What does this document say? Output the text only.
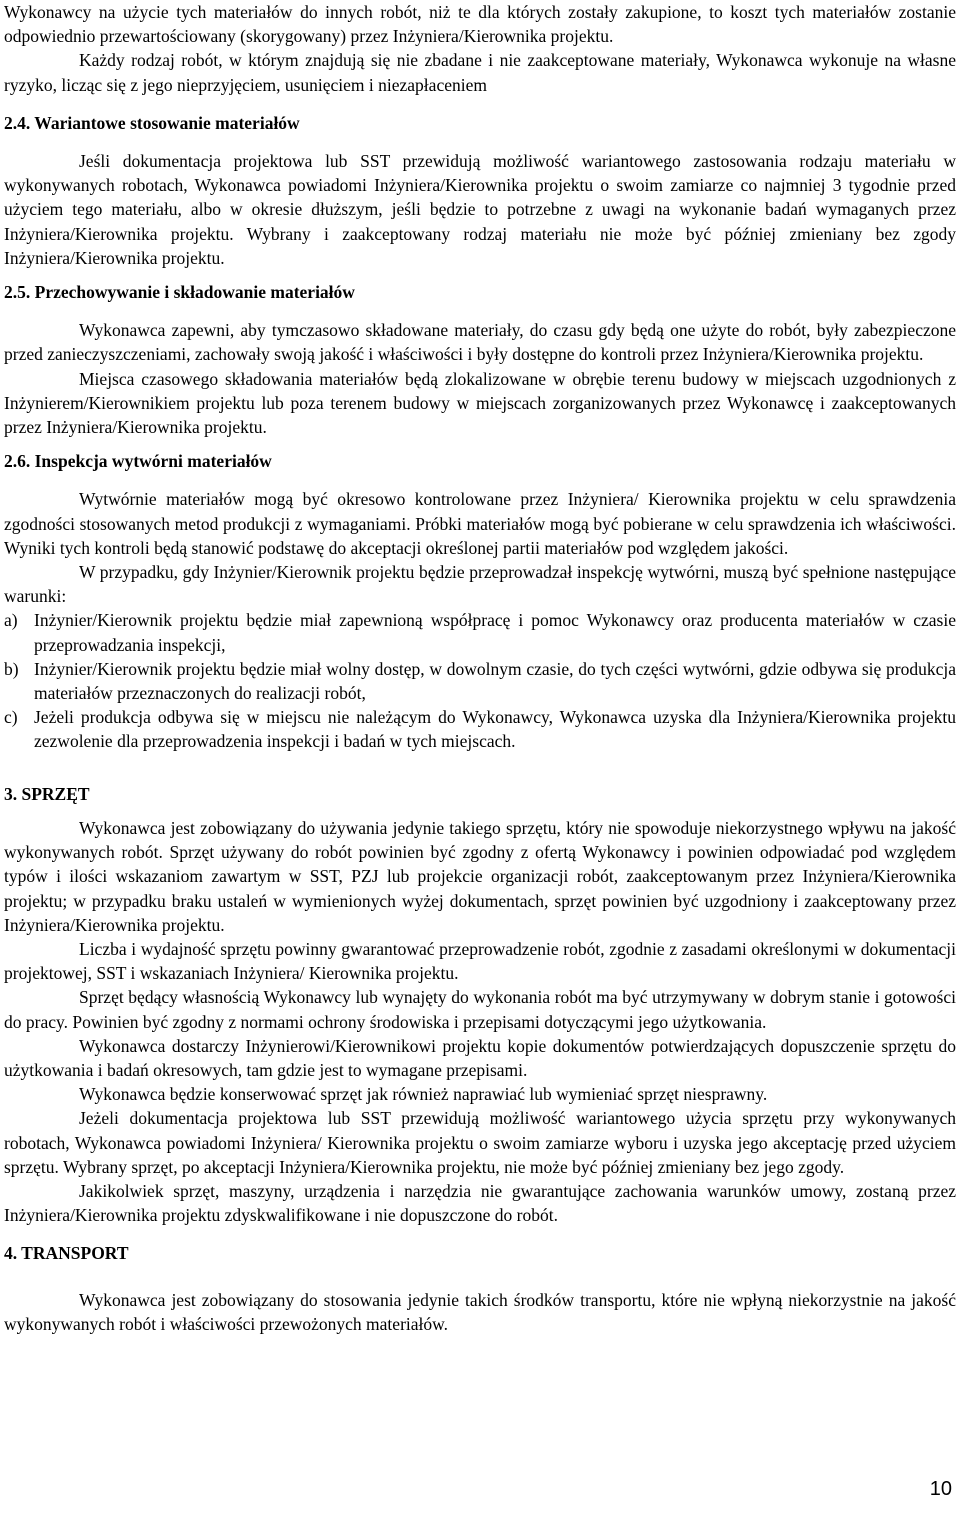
Wykonawcy na użycie tych materiałów do innych robót, niż te dla których zostały zakupione, to koszt tych materiałów zostanie odpowiednio przewartościowany (skorygowany) przez Inżyniera/Kierownika projektu.

Każdy rodzaj robót, w którym znajdują się nie zbadane i nie zaakceptowane materiały, Wykonawca wykonuje na własne ryzyko, licząc się z jego nieprzyjęciem, usunięciem i niezapłaceniem

2.4. Wariantowe stosowanie materiałów

Jeśli dokumentacja projektowa lub SST przewidują możliwość wariantowego zastosowania rodzaju materiału w wykonywanych robotach, Wykonawca powiadomi Inżyniera/Kierownika projektu o swoim zamiarze co najmniej 3 tygodnie przed użyciem tego materiału, albo w okresie dłuższym, jeśli będzie to potrzebne z uwagi na wykonanie badań wymaganych przez Inżyniera/Kierownika projektu. Wybrany i zaakceptowany rodzaj materiału nie może być później zmieniany bez zgody Inżyniera/Kierownika projektu.

2.5. Przechowywanie i składowanie materiałów

Wykonawca zapewni, aby tymczasowo składowane materiały, do czasu gdy będą one użyte do robót, były zabezpieczone przed zanieczyszczeniami, zachowały swoją jakość i właściwości i były dostępne do kontroli przez Inżyniera/Kierownika projektu.

Miejsca czasowego składowania materiałów będą zlokalizowane w obrębie terenu budowy w miejscach uzgodnionych z Inżynierem/Kierownikiem projektu lub poza terenem budowy w miejscach zorganizowanych przez Wykonawcę i zaakceptowanych przez Inżyniera/Kierownika projektu.

2.6. Inspekcja wytwórni materiałów

Wytwórnie materiałów mogą być okresowo kontrolowane przez Inżyniera/ Kierownika projektu w celu sprawdzenia zgodności stosowanych metod produkcji z wymaganiami. Próbki materiałów mogą być pobierane w celu sprawdzenia ich właściwości. Wyniki tych kontroli będą stanowić podstawę do akceptacji określonej partii materiałów pod względem jakości.

W przypadku, gdy Inżynier/Kierownik projektu będzie przeprowadzał inspekcję wytwórni, muszą być spełnione następujące warunki:

a) Inżynier/Kierownik projektu będzie miał zapewnioną współpracę i pomoc Wykonawcy oraz producenta materiałów w czasie przeprowadzania inspekcji,
b) Inżynier/Kierownik projektu będzie miał wolny dostęp, w dowolnym czasie, do tych części wytwórni, gdzie odbywa się produkcja materiałów przeznaczonych do realizacji robót,
c) Jeżeli produkcja odbywa się w miejscu nie należącym do Wykonawcy, Wykonawca uzyska dla Inżyniera/Kierownika projektu zezwolenie dla przeprowadzenia inspekcji i badań w tych miejscach.
3. SPRZĘT

Wykonawca jest zobowiązany do używania jedynie takiego sprzętu, który nie spowoduje niekorzystnego wpływu na jakość wykonywanych robót. Sprzęt używany do robót powinien być zgodny z ofertą Wykonawcy i powinien odpowiadać pod względem typów i ilości wskazaniom zawartym w SST, PZJ lub projekcie organizacji robót, zaakceptowanym przez Inżyniera/Kierownika projektu; w przypadku braku ustaleń w wymienionych wyżej dokumentach, sprzęt powinien być uzgodniony i zaakceptowany przez Inżyniera/Kierownika projektu.

Liczba i wydajność sprzętu powinny gwarantować przeprowadzenie robót, zgodnie z zasadami określonymi w dokumentacji projektowej, SST i wskazaniach Inżyniera/ Kierownika projektu.

Sprzęt będący własnością Wykonawcy lub wynajęty do wykonania robót ma być utrzymywany w dobrym stanie i gotowości do pracy. Powinien być zgodny z normami ochrony środowiska i przepisami dotyczącymi jego użytkowania.

Wykonawca dostarczy Inżynierowi/Kierownikowi projektu kopie dokumentów potwierdzających dopuszczenie sprzętu do użytkowania i badań okresowych, tam gdzie jest to wymagane przepisami.

Wykonawca będzie konserwować sprzęt jak również naprawiać lub wymieniać sprzęt niesprawny.

Jeżeli dokumentacja projektowa lub SST przewidują możliwość wariantowego użycia sprzętu przy wykonywanych robotach, Wykonawca powiadomi Inżyniera/ Kierownika projektu o swoim zamiarze wyboru i uzyska jego akceptację przed użyciem sprzętu. Wybrany sprzęt, po akceptacji Inżyniera/Kierownika projektu, nie może być później zmieniany bez jego zgody.

Jakikolwiek sprzęt, maszyny, urządzenia i narzędzia nie gwarantujące zachowania warunków umowy, zostaną przez Inżyniera/Kierownika projektu zdyskwalifikowane i nie dopuszczone do robót.

4. TRANSPORT

Wykonawca jest zobowiązany do stosowania jedynie takich środków transportu, które nie wpłyną niekorzystnie na jakość wykonywanych robót i właściwości przewożonych materiałów.

10
